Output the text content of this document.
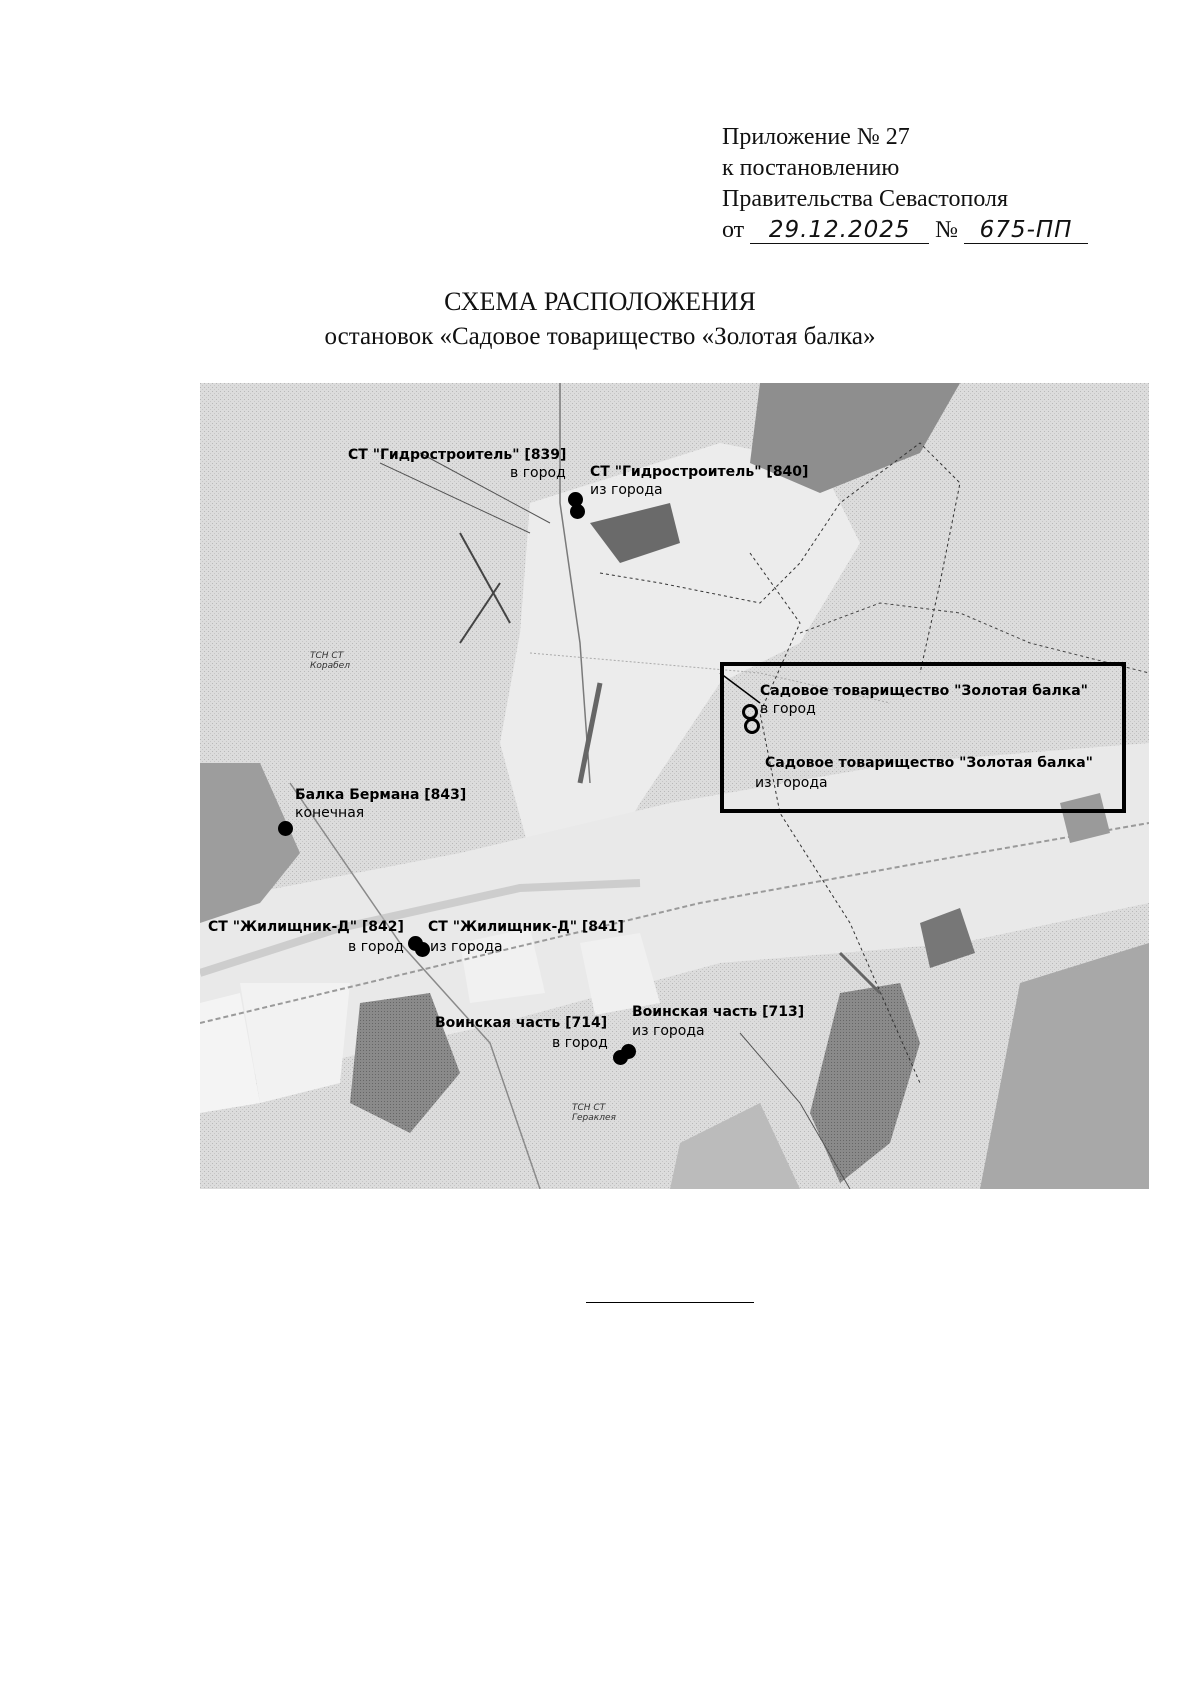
Приложение № 27
к постановлению
Правительства Севастополя
от 29.12.2025 № 675-ПП
СХЕМА РАСПОЛОЖЕНИЯ
остановок «Садовое товарищество «Золотая балка»
СТ "Гидростроитель" [839]
в город СТ "Гидростроитель" [840]
из города
Садовое товарищество "Золотая балка"
в город
Садовое товарищество "Золотая балка"
из города
Балка Бермана [843]
конечная
СТ "Жилищник-Д" [842]
в город
СТ "Жилищник-Д" [841]
из города
Воинская часть [714]
в город
Воинская часть [713]
из города
ТСН СТ Корабел
ТСН СТ Гераклея
